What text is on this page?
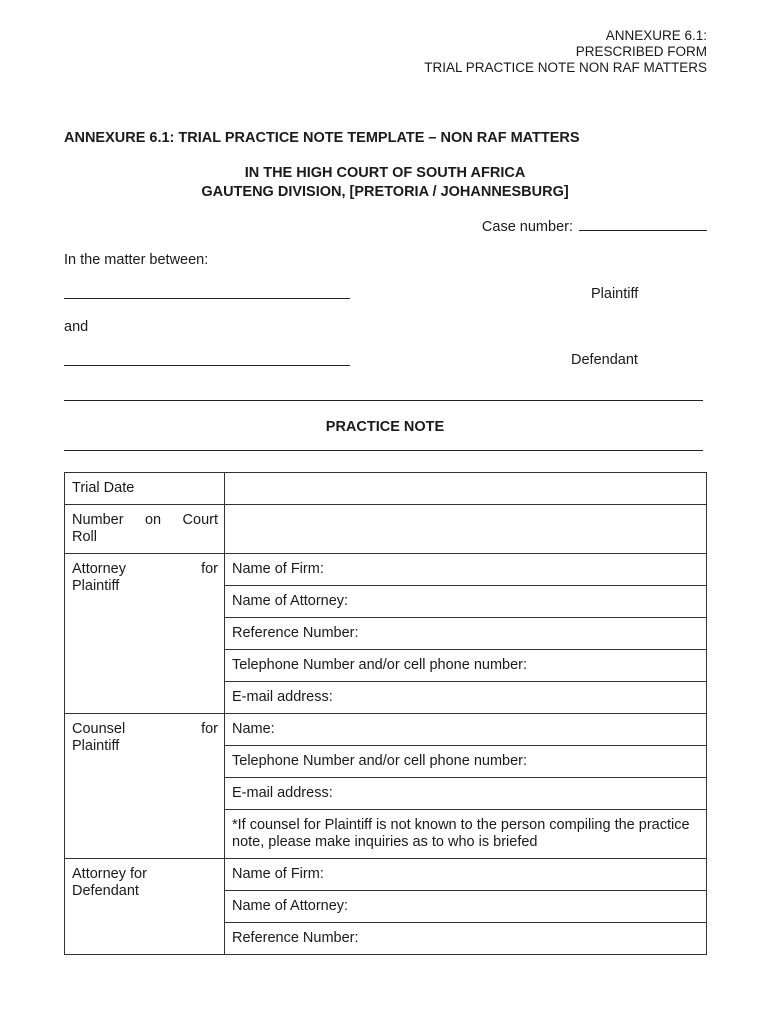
ANNEXURE 6.1:
PRESCRIBED FORM
TRIAL PRACTICE NOTE NON RAF MATTERS
ANNEXURE 6.1: TRIAL PRACTICE NOTE TEMPLATE – NON RAF MATTERS
IN THE HIGH COURT OF SOUTH AFRICA
GAUTENG DIVISION, [PRETORIA / JOHANNESBURG]
Case number:
In the matter between:
Plaintiff
and
Defendant
PRACTICE NOTE
Trial Date	

Number on Court
Roll	

Attorney for
Plaintiff	Name of Firm:
	Name of Attorney:
	Reference Number:
	Telephone Number and/or cell phone number:
	E-mail address:

Counsel for
Plaintiff	Name:
	Telephone Number and/or cell phone number:
	E-mail address:
	*If counsel for Plaintiff is not known to the person compiling the practice note, please make inquiries as to who is briefed

Attorney for
Defendant	Name of Firm:
	Name of Attorney:
	Reference Number:
